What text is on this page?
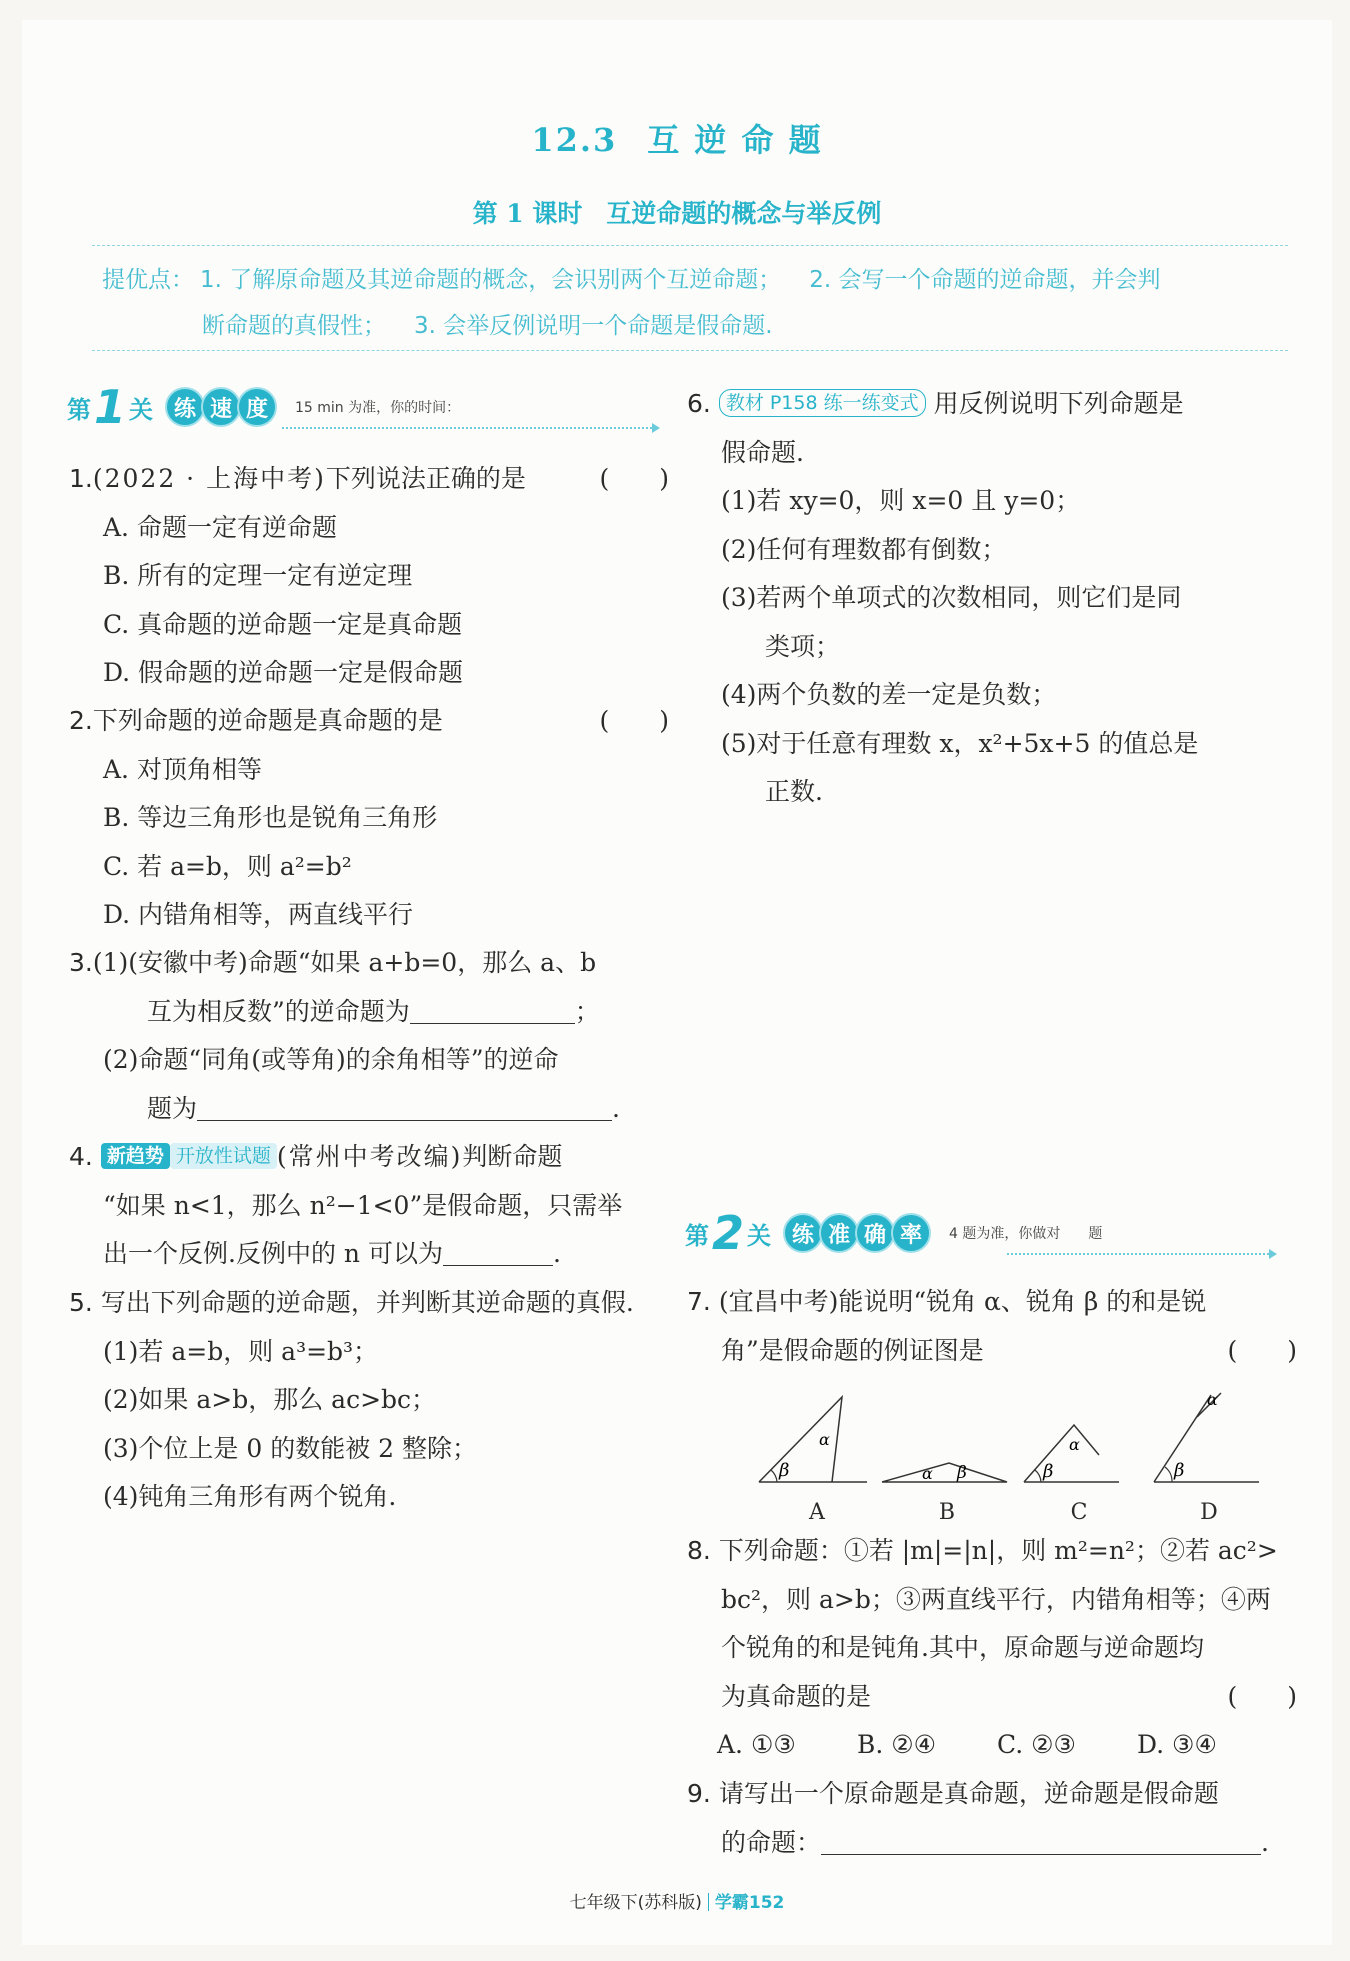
12.3 互 逆 命 题
第 1 课时 互逆命题的概念与举反例
提优点： 1. 了解原命题及其逆命题的概念，会识别两个互逆命题； 2. 会写一个命题的逆命题，并会判
断命题的真假性； 3. 会举反例说明一个命题是假命题.
第 1 关 练 速 度	15 min 为准，你的时间：

1.(2022 · 上海中考)下列说法正确的是	(　　)

A. 命题一定有逆命题

B. 所有的定理一定有逆定理

C. 真命题的逆命题一定是真命题

D. 假命题的逆命题一定是假命题

2.下列命题的逆命题是真命题的是	(　　)

A. 对顶角相等

B. 等边三角形也是锐角三角形

C. 若 a=b，则 a²=b²

D. 内错角相等，两直线平行

3.(1)(安徽中考)命题“如果 a+b=0，那么 a、b

互为相反数”的逆命题为	；

(2)命题“同角(或等角)的余角相等”的逆命

题为	.

4. 新趋势 开放性试题 (常州中考改编)判断命题

“如果 n<1，那么 n²−1<0”是假命题，只需举

出一个反例.反例中的 n 可以为	.

5. 写出下列命题的逆命题，并判断其逆命题的真假.

(1)若 a=b，则 a³=b³；

(2)如果 a>b，那么 ac>bc；

(3)个位上是 0 的数能被 2 整除；

(4)钝角三角形有两个锐角.

6. 教材 P158 练一练变式 用反例说明下列命题是

假命题.

(1)若 xy=0，则 x=0 且 y=0；

(2)任何有理数都有倒数；

(3)若两个单项式的次数相同，则它们是同

类项；

(4)两个负数的差一定是负数；

(5)对于任意有理数 x，x²+5x+5 的值总是

正数.

第 2 关 练 准 确 率	4 题为准，你做对　　题

7. (宜昌中考)能说明“锐角 α、锐角 β 的和是锐

角”是假命题的例证图是	(　　)

β
α
A
α β
B
β
α
C
β
α
D

8. 下列命题：①若 |m|=|n|，则 m²=n²；②若 ac²>

bc²，则 a>b；③两直线平行，内错角相等；④两

个锐角的和是钝角.其中，原命题与逆命题均

为真命题的是	(　　)

A. ①③ B. ②④ C. ②③ D. ③④

9. 请写出一个原命题是真命题，逆命题是假命题

的命题：	.

七年级下(苏科版) 学霸152
